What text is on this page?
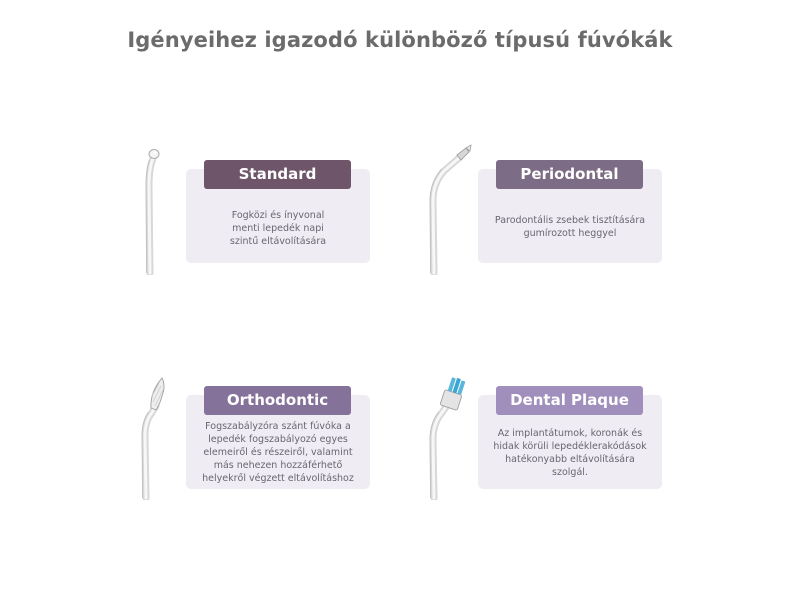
Igényeihez igazodó különböző típusú fúvókák
Standard
Fogközi és ínyvonal menti lepedék napi szintű eltávolítására
Periodontal
Parodontális zsebek tisztítására gumírozott heggyel
Orthodontic
Fogszabályzóra szánt fúvóka a lepedék fogszabályozó egyes elemeiről és részeiről, valamint más nehezen hozzáférhető helyekről végzett eltávolításhoz
Dental Plaque
Az implantátumok, koronák és hidak körüli lepedéklerakódások hatékonyabb eltávolítására szolgál.
